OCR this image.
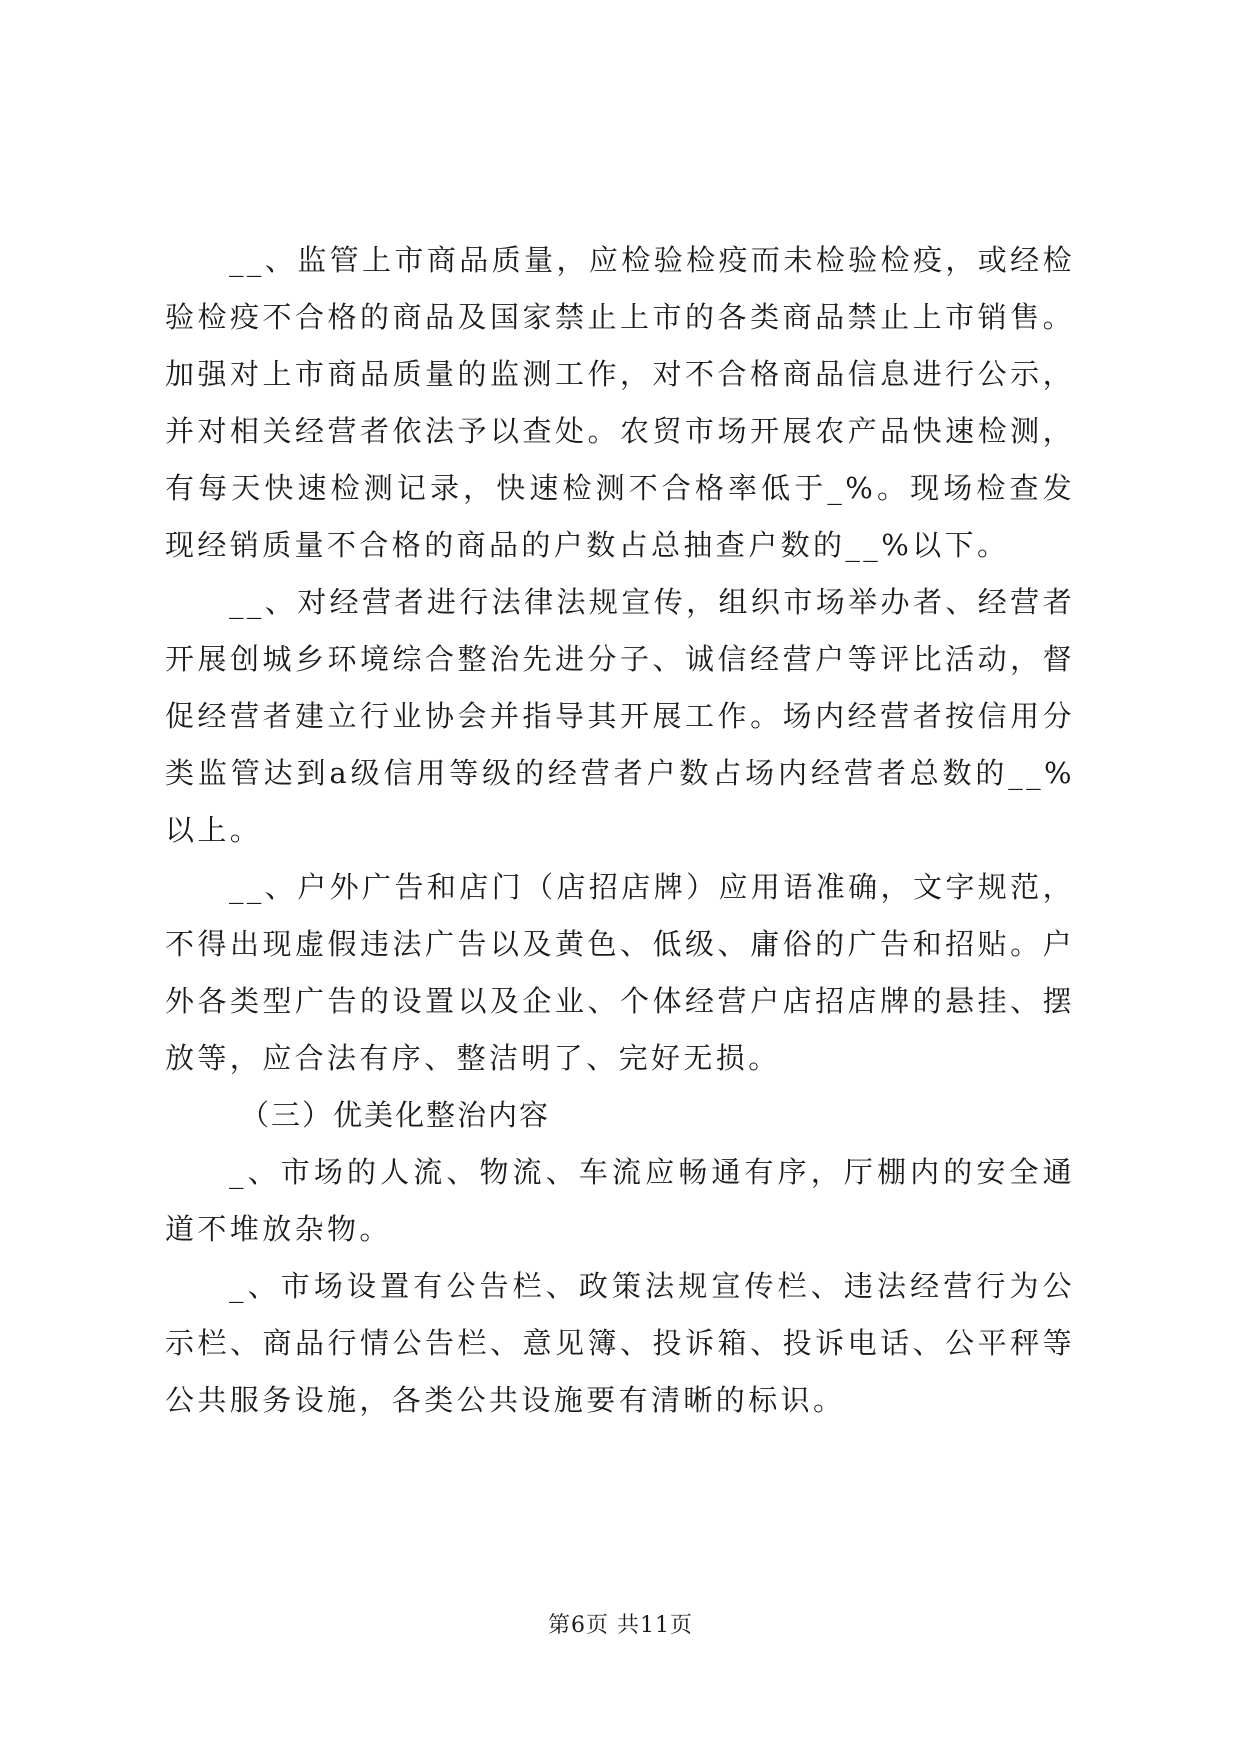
__、监管上市商品质量，应检验检疫而未检验检疫，或经检验检疫不合格的商品及国家禁止上市的各类商品禁止上市销售。加强对上市商品质量的监测工作，对不合格商品信息进行公示，并对相关经营者依法予以查处。农贸市场开展农产品快速检测，有每天快速检测记录，快速检测不合格率低于_%。现场检查发现经销质量不合格的商品的户数占总抽查户数的__%以下。

__、对经营者进行法律法规宣传，组织市场举办者、经营者开展创城乡环境综合整治先进分子、诚信经营户等评比活动，督促经营者建立行业协会并指导其开展工作。场内经营者按信用分类监管达到a级信用等级的经营者户数占场内经营者总数的__%以上。

__、户外广告和店门（店招店牌）应用语准确，文字规范，不得出现虚假违法广告以及黄色、低级、庸俗的广告和招贴。户外各类型广告的设置以及企业、个体经营户店招店牌的悬挂、摆放等，应合法有序、整洁明了、完好无损。

（三）优美化整治内容

_、市场的人流、物流、车流应畅通有序，厅棚内的安全通道不堆放杂物。

_、市场设置有公告栏、政策法规宣传栏、违法经营行为公示栏、商品行情公告栏、意见簿、投诉箱、投诉电话、公平秤等公共服务设施，各类公共设施要有清晰的标识。

第6页 共11页
